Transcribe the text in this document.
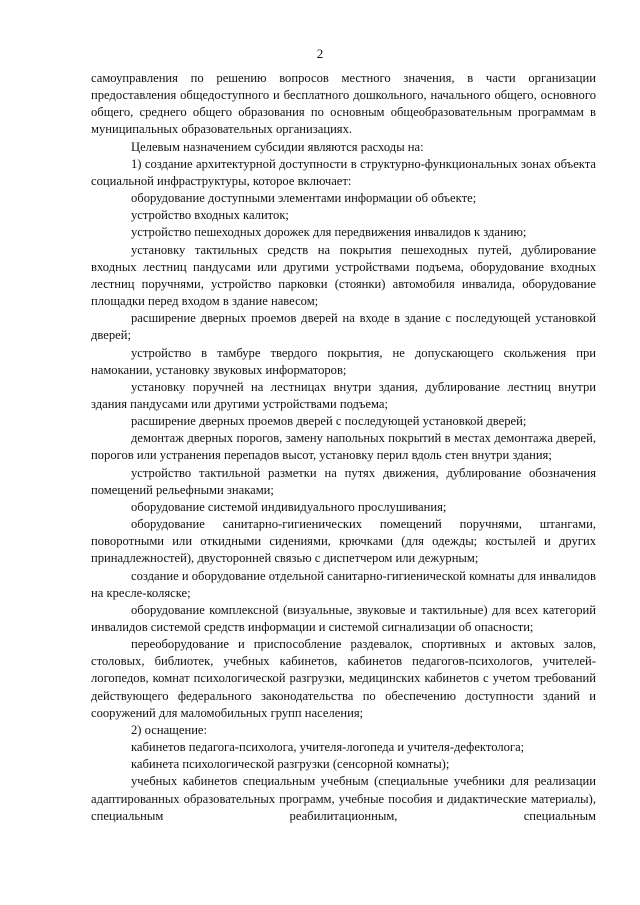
2

самоуправления по решению вопросов местного значения, в части организации предоставления общедоступного и бесплатного дошкольного, начального общего, основного общего, среднего общего образования по основным общеобразовательным программам в муниципальных образовательных организациях.

Целевым назначением субсидии являются расходы на:

1) создание архитектурной доступности в структурно-функциональных зонах объекта социальной инфраструктуры, которое включает:

оборудование доступными элементами информации об объекте;

устройство входных калиток;

устройство пешеходных дорожек для передвижения инвалидов к зданию;

установку тактильных средств на покрытия пешеходных путей, дублирование входных лестниц пандусами или другими устройствами подъема, оборудование входных лестниц поручнями, устройство парковки (стоянки) автомобиля инвалида, оборудование площадки перед входом в здание навесом;

расширение дверных проемов дверей на входе в здание с последующей установкой дверей;

устройство в тамбуре твердого покрытия, не допускающего скольжения при намокании, установку звуковых информаторов;

установку поручней на лестницах внутри здания, дублирование лестниц внутри здания пандусами или другими устройствами подъема;

расширение дверных проемов дверей с последующей установкой дверей;

демонтаж дверных порогов, замену напольных покрытий в местах демонтажа дверей, порогов или устранения перепадов высот, установку перил вдоль стен внутри здания;

устройство тактильной разметки на путях движения, дублирование обозначения помещений рельефными знаками;

оборудование системой индивидуального прослушивания;

оборудование санитарно-гигиенических помещений поручнями, штангами, поворотными или откидными сидениями, крючками (для одежды; костылей и других принадлежностей), двусторонней связью с диспетчером или дежурным;

создание и оборудование отдельной санитарно-гигиенической комнаты для инвалидов на кресле-коляске;

оборудование комплексной (визуальные, звуковые и тактильные) для всех категорий инвалидов системой средств информации и системой сигнализации об опасности;

переоборудование и приспособление раздевалок, спортивных и актовых залов, столовых, библиотек, учебных кабинетов, кабинетов педагогов-психологов, учителей-логопедов, комнат психологической разгрузки, медицинских кабинетов с учетом требований действующего федерального законодательства по обеспечению доступности зданий и сооружений для маломобильных групп населения;

2) оснащение:

кабинетов педагога-психолога, учителя-логопеда и учителя-дефектолога;

кабинета психологической разгрузки (сенсорной комнаты);

учебных кабинетов специальным учебным (специальные учебники для реализации адаптированных образовательных программ, учебные пособия и дидактические материалы), специальным реабилитационным, специальным
